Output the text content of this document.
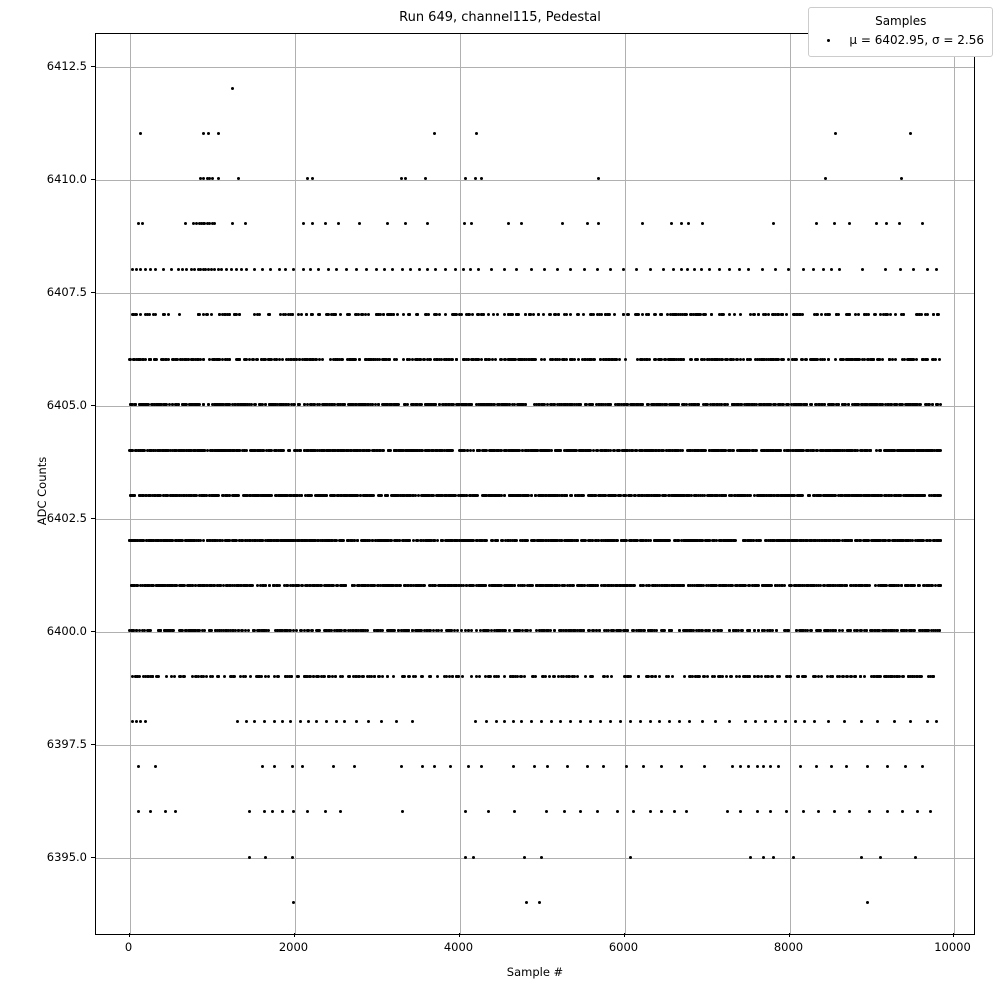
Run 649, channel115, Pedestal
Sample #
ADC Counts
Samples
μ = 6402.95, σ = 2.56
0	2000	4000	6000	8000	10000
6395.0
6397.5
6400.0
6402.5
6405.0
6407.5
6410.0
6412.5
